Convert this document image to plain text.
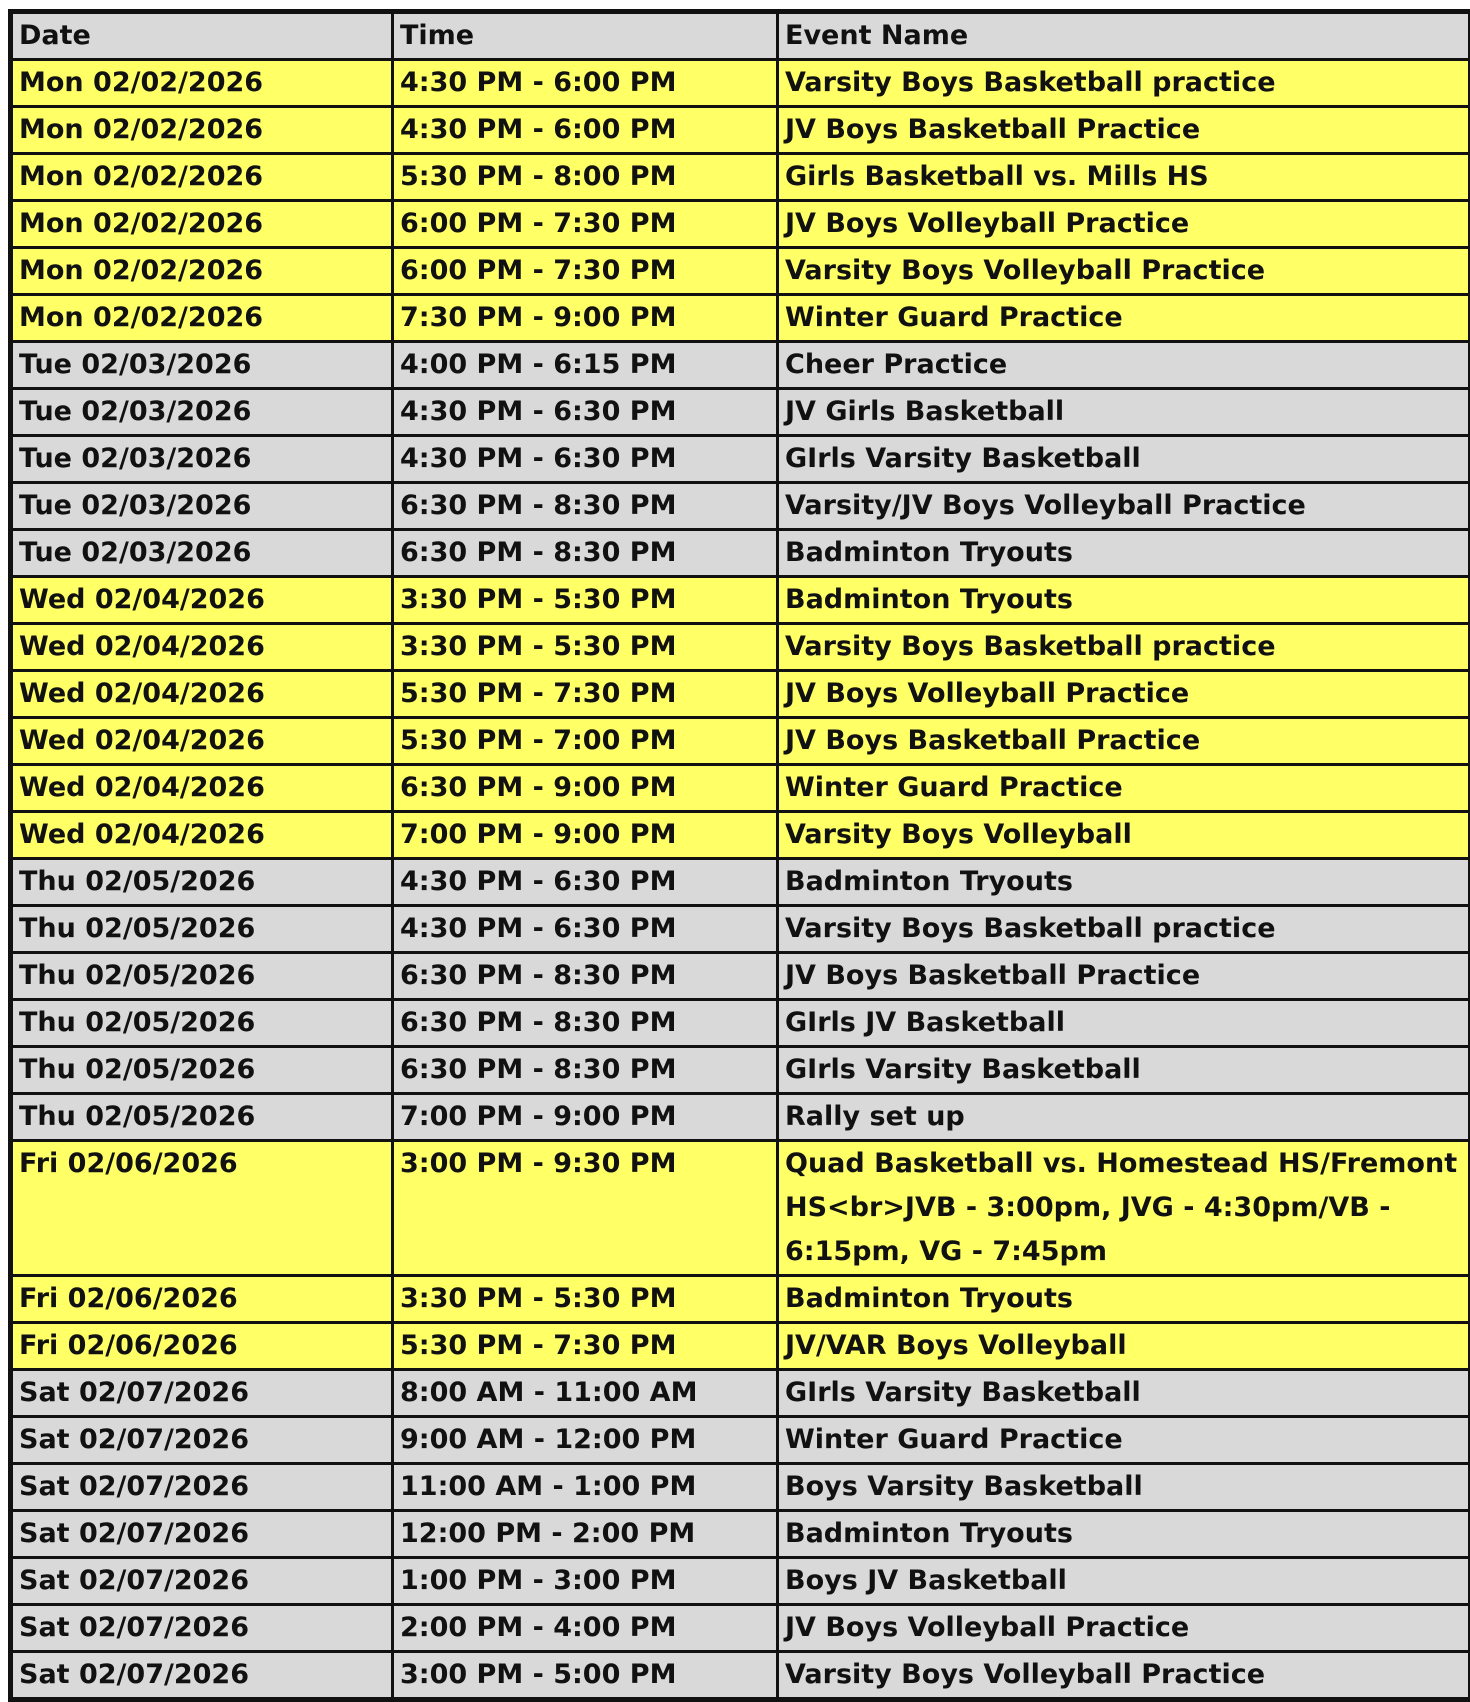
Date	Time	Event Name
Mon 02/02/2026	4:30 PM - 6:00 PM	Varsity Boys Basketball practice
Mon 02/02/2026	4:30 PM - 6:00 PM	JV Boys Basketball Practice
Mon 02/02/2026	5:30 PM - 8:00 PM	Girls Basketball vs. Mills HS
Mon 02/02/2026	6:00 PM - 7:30 PM	JV Boys Volleyball Practice
Mon 02/02/2026	6:00 PM - 7:30 PM	Varsity Boys Volleyball Practice
Mon 02/02/2026	7:30 PM - 9:00 PM	Winter Guard Practice
Tue 02/03/2026	4:00 PM - 6:15 PM	Cheer Practice
Tue 02/03/2026	4:30 PM - 6:30 PM	JV Girls Basketball
Tue 02/03/2026	4:30 PM - 6:30 PM	GIrls Varsity Basketball
Tue 02/03/2026	6:30 PM - 8:30 PM	Varsity/JV Boys Volleyball Practice
Tue 02/03/2026	6:30 PM - 8:30 PM	Badminton Tryouts
Wed 02/04/2026	3:30 PM - 5:30 PM	Badminton Tryouts
Wed 02/04/2026	3:30 PM - 5:30 PM	Varsity Boys Basketball practice
Wed 02/04/2026	5:30 PM - 7:30 PM	JV Boys Volleyball Practice
Wed 02/04/2026	5:30 PM - 7:00 PM	JV Boys Basketball Practice
Wed 02/04/2026	6:30 PM - 9:00 PM	Winter Guard Practice
Wed 02/04/2026	7:00 PM - 9:00 PM	Varsity Boys Volleyball
Thu 02/05/2026	4:30 PM - 6:30 PM	Badminton Tryouts
Thu 02/05/2026	4:30 PM - 6:30 PM	Varsity Boys Basketball practice
Thu 02/05/2026	6:30 PM - 8:30 PM	JV Boys Basketball Practice
Thu 02/05/2026	6:30 PM - 8:30 PM	GIrls JV Basketball
Thu 02/05/2026	6:30 PM - 8:30 PM	GIrls Varsity Basketball
Thu 02/05/2026	7:00 PM - 9:00 PM	Rally set up
Fri 02/06/2026	3:00 PM - 9:30 PM	Quad Basketball vs. Homestead HS/Fremont HS<br>JVB - 3:00pm, JVG - 4:30pm/VB - 6:15pm, VG - 7:45pm
Fri 02/06/2026	3:30 PM - 5:30 PM	Badminton Tryouts
Fri 02/06/2026	5:30 PM - 7:30 PM	JV/VAR Boys Volleyball
Sat 02/07/2026	8:00 AM - 11:00 AM	GIrls Varsity Basketball
Sat 02/07/2026	9:00 AM - 12:00 PM	Winter Guard Practice
Sat 02/07/2026	11:00 AM - 1:00 PM	Boys Varsity Basketball
Sat 02/07/2026	12:00 PM - 2:00 PM	Badminton Tryouts
Sat 02/07/2026	1:00 PM - 3:00 PM	Boys JV Basketball
Sat 02/07/2026	2:00 PM - 4:00 PM	JV Boys Volleyball Practice
Sat 02/07/2026	3:00 PM - 5:00 PM	Varsity Boys Volleyball Practice
